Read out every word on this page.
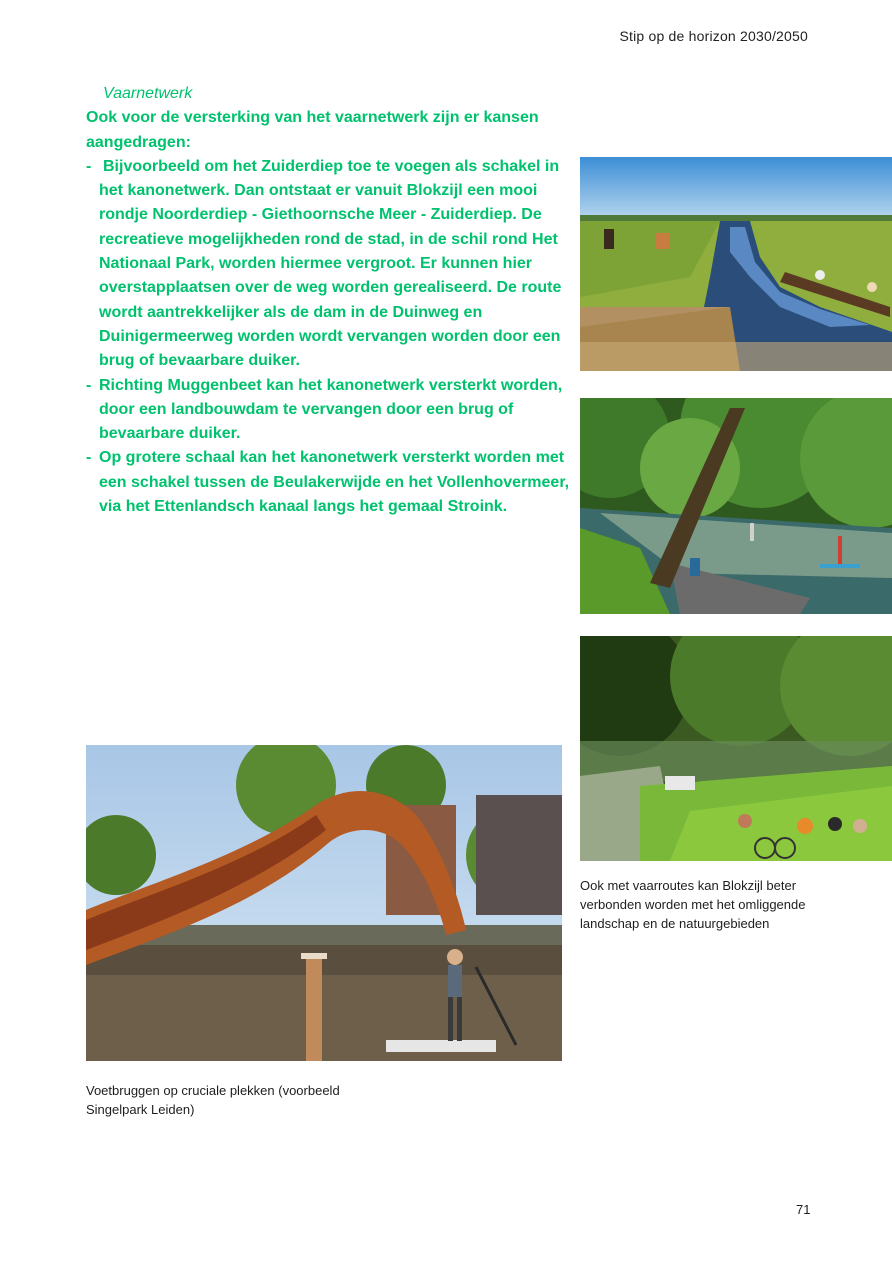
Stip op de horizon 2030/2050
Vaarnetwerk
Ook voor de versterking van het vaarnetwerk zijn er kansen aangedragen:
- Bijvoorbeeld om het Zuiderdiep toe te voegen als schakel in het kanonetwerk. Dan ontstaat er vanuit Blokzijl een mooi rondje Noorderdiep - Giethoornsche Meer - Zuiderdiep. De recreatieve mogelijkheden rond de stad, in de schil rond Het Nationaal Park, worden hiermee vergroot. Er kunnen hier overstapplaatsen over de weg worden gerealiseerd. De route wordt aantrekkelijker als de dam in de Duinweg en Duinigermeerweg worden wordt vervangen worden door een brug of bevaarbare duiker.
- Richting Muggenbeet kan het kanonetwerk versterkt worden, door een landbouwdam te vervangen door een brug of bevaarbare duiker.
- Op grotere schaal kan het kanonetwerk versterkt worden met een schakel tussen de Beulakerwijde en het Vollenhovermeer, via het Ettenlandsch kanaal langs het gemaal Stroink.
Ook met vaarroutes kan Blokzijl beter verbonden worden met het omliggende landschap en de natuurgebieden
Voetbruggen op cruciale plekken (voorbeeld Singelpark Leiden)
71
